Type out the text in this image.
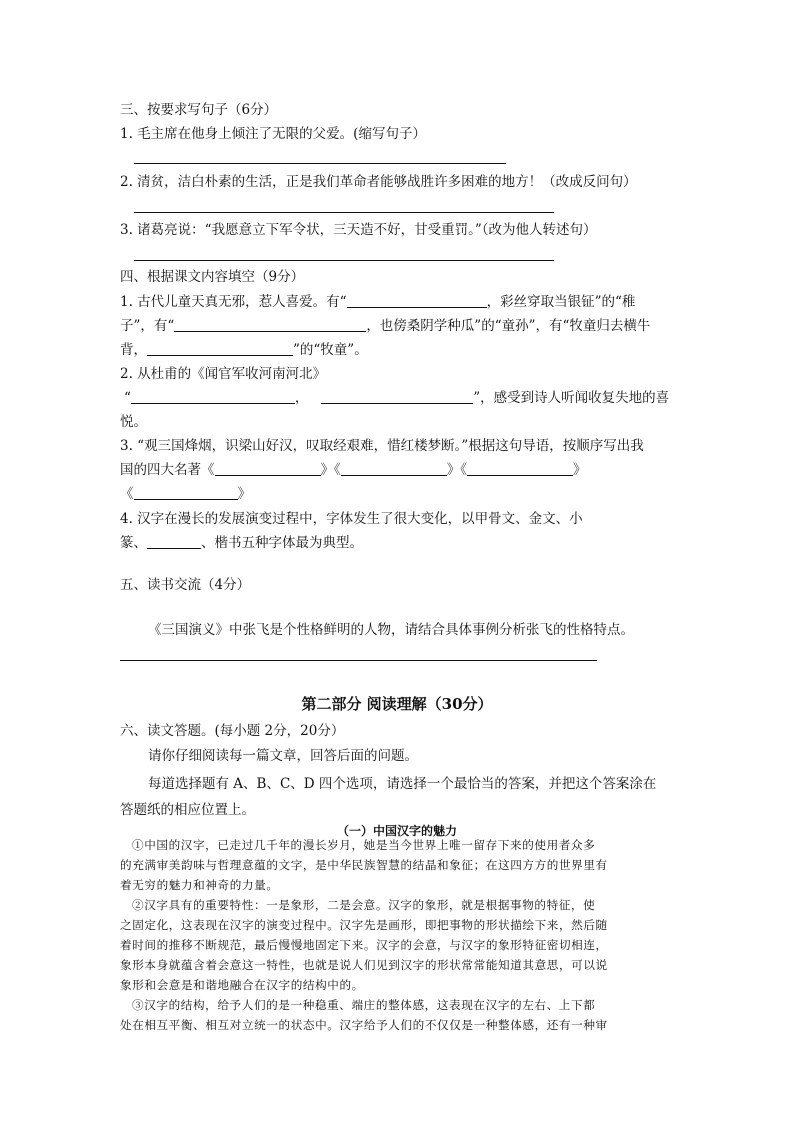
三、按要求写句子（6分）
1. 毛主席在他身上倾注了无限的父爱。(缩写句子）
2. 清贫，洁白朴素的生活，正是我们革命者能够战胜许多困难的地方！（改成反问句）
3. 诸葛亮说：“我愿意立下军令状，三天造不好，甘受重罚。”（改为他人转述句）
四、根据课文内容填空（9分）
1. 古代儿童天真无邪，惹人喜爱。有“	，彩丝穿取当银钲”的“稚
子”，有“	，也傍桑阴学种瓜”的“童孙”，有“牧童归去横牛
背，	”的“牧童”。
2. 从杜甫的《闻官军收河南河北》
“	，	”，感受到诗人听闻收复失地的喜
悦。
3. “观三国烽烟，识梁山好汉，叹取经艰难，惜红楼梦断。”根据这句导语，按顺序写出我
国的四大名著《	》《	》《	》
《	》
4. 汉字在漫长的发展演变过程中，字体发生了很大变化，以甲骨文、金文、小
篆、	、楷书五种字体最为典型。
五、读书交流（4分）
《三国演义》中张飞是个性格鲜明的人物，请结合具体事例分析张飞的性格特点。
第二部分 阅读理解（30分）
六、读文答题。(每小题 2分，20分）
请你仔细阅读每一篇文章，回答后面的问题。
每道选择题有 A、B、C、D 四个选项，请选择一个最恰当的答案，并把这个答案涂在
答题纸的相应位置上。
（一）中国汉字的魅力
①中国的汉字，已走过几千年的漫长岁月，她是当今世界上唯一留存下来的使用者众多
的充满审美韵味与哲理意蕴的文字，是中华民族智慧的结晶和象征；在这四方方的世界里有
着无穷的魅力和神奇的力量。
②汉字具有的重要特性：一是象形，二是会意。汉字的象形，就是根据事物的特征，使
之固定化，这表现在汉字的演变过程中。汉字先是画形，即把事物的形状描绘下来，然后随
着时间的推移不断规范，最后慢慢地固定下来。汉字的会意，与汉字的象形特征密切相连，
象形本身就蕴含着会意这一特性，也就是说人们见到汉字的形状常常能知道其意思，可以说
象形和会意是和谐地融合在汉字的结构中的。
③汉字的结构，给予人们的是一种稳重、端庄的整体感，这表现在汉字的左右、上下都
处在相互平衡、相互对立统一的状态中。汉字给予人们的不仅仅是一种整体感，还有一种审
